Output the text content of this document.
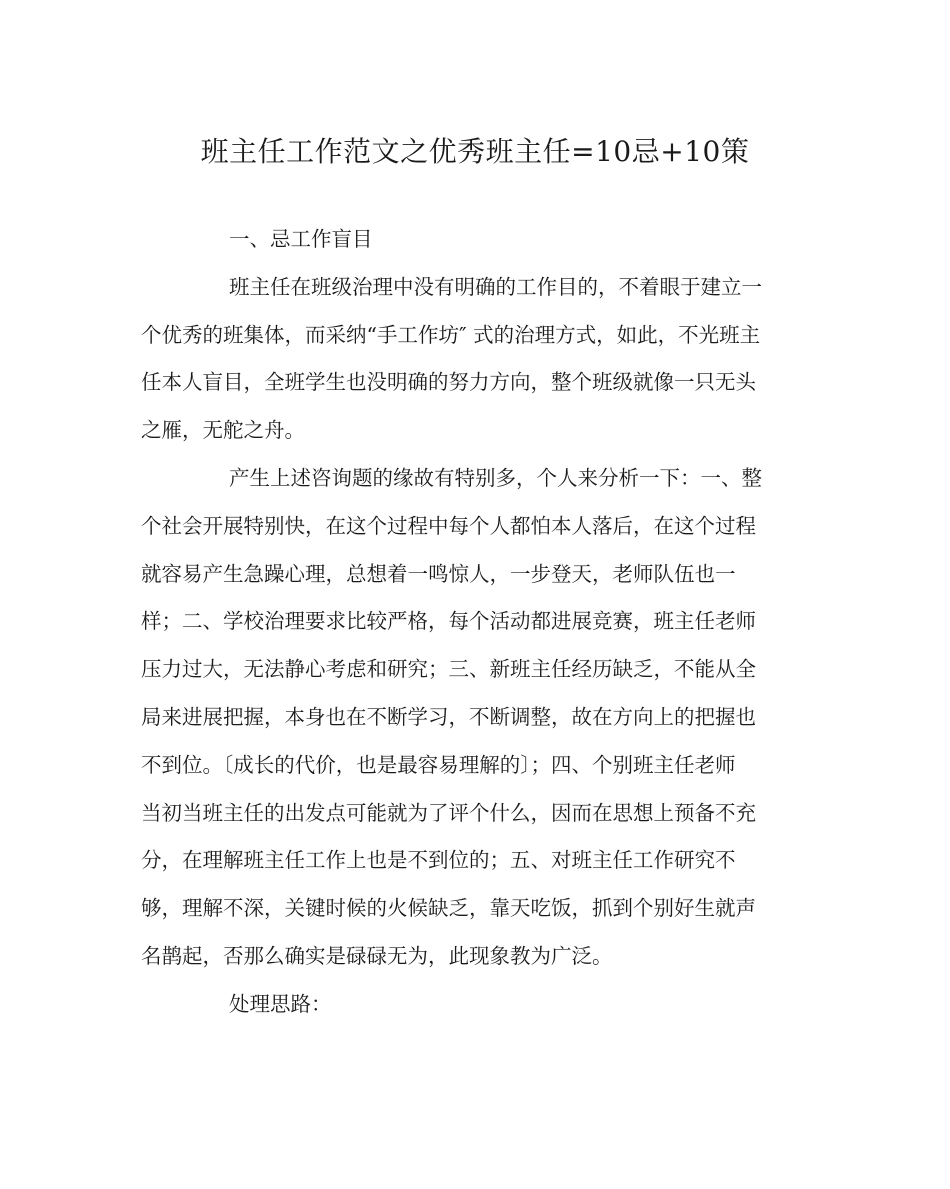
班主任工作范文之优秀班主任=10忌+10策

一、忌工作盲目

班主任在班级治理中没有明确的工作目的，不着眼于建立一
个优秀的班集体，而采纳“手工作坊″ 式的治理方式，如此，不光班主
任本人盲目，全班学生也没明确的努力方向，整个班级就像一只无头
之雁，无舵之舟。

产生上述咨询题的缘故有特别多，个人来分析一下：一、整
个社会开展特别快，在这个过程中每个人都怕本人落后，在这个过程
就容易产生急躁心理，总想着一鸣惊人，一步登天，老师队伍也一
样；二、学校治理要求比较严格，每个活动都进展竞赛，班主任老师
压力过大，无法静心考虑和研究；三、新班主任经历缺乏，不能从全
局来进展把握，本身也在不断学习，不断调整，故在方向上的把握也
不到位。〔成长的代价，也是最容易理解的〕；四、个别班主任老师
当初当班主任的出发点可能就为了评个什么，因而在思想上预备不充
分，在理解班主任工作上也是不到位的；五、对班主任工作研究不
够，理解不深，关键时候的火候缺乏，靠天吃饭，抓到个别好生就声
名鹊起，否那么确实是碌碌无为，此现象教为广泛。

处理思路：
